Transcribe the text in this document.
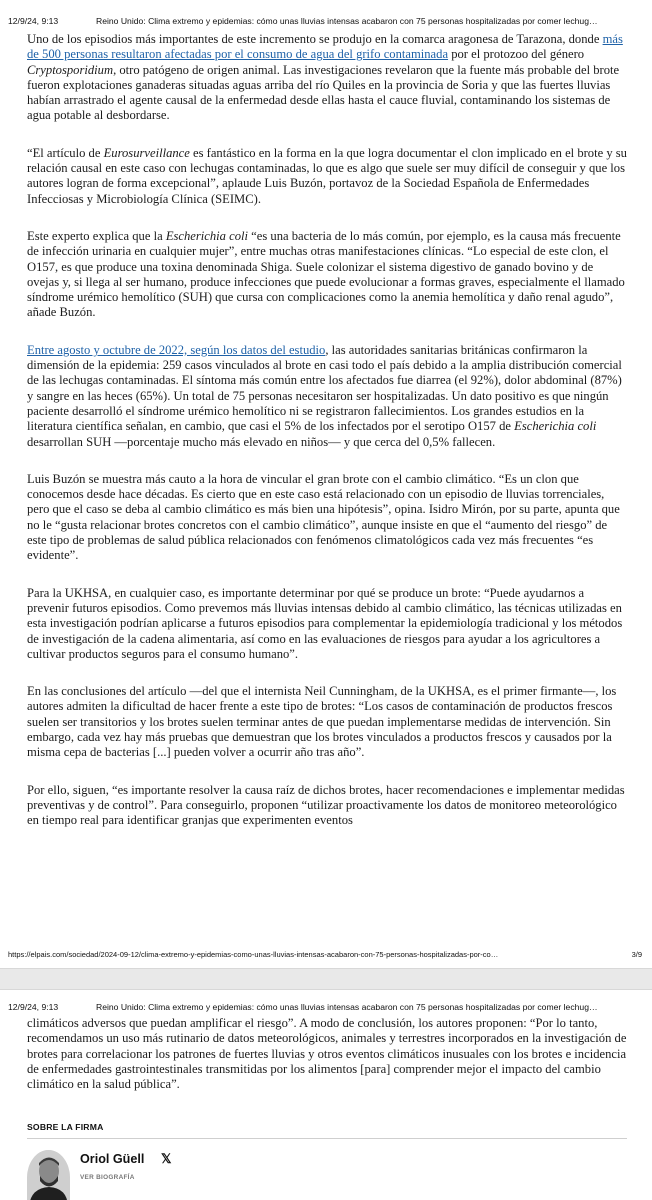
12/9/24, 9:13	Reino Unido: Clima extremo y epidemias: cómo unas lluvias intensas acabaron con 75 personas hospitalizadas por comer lechug…

Uno de los episodios más importantes de este incremento se produjo en la comarca aragonesa de Tarazona, donde más de 500 personas resultaron afectadas por el consumo de agua del grifo contaminada por el protozoo del género Cryptosporidium, otro patógeno de origen animal. Las investigaciones revelaron que la fuente más probable del brote fueron explotaciones ganaderas situadas aguas arriba del río Quiles en la provincia de Soria y que las fuertes lluvias habían arrastrado el agente causal de la enfermedad desde ellas hasta el cauce fluvial, contaminando los sistemas de agua potable al desbordarse.

“El artículo de Eurosurveillance es fantástico en la forma en la que logra documentar el clon implicado en el brote y su relación causal en este caso con lechugas contaminadas, lo que es algo que suele ser muy difícil de conseguir y que los autores logran de forma excepcional”, aplaude Luis Buzón, portavoz de la Sociedad Española de Enfermedades Infecciosas y Microbiología Clínica (SEIMC).

Este experto explica que la Escherichia coli “es una bacteria de lo más común, por ejemplo, es la causa más frecuente de infección urinaria en cualquier mujer”, entre muchas otras manifestaciones clínicas. “Lo especial de este clon, el O157, es que produce una toxina denominada Shiga. Suele colonizar el sistema digestivo de ganado bovino y de ovejas y, si llega al ser humano, produce infecciones que puede evolucionar a formas graves, especialmente el llamado síndrome urémico hemolítico (SUH) que cursa con complicaciones como la anemia hemolítica y daño renal agudo”, añade Buzón.

Entre agosto y octubre de 2022, según los datos del estudio, las autoridades sanitarias británicas confirmaron la dimensión de la epidemia: 259 casos vinculados al brote en casi todo el país debido a la amplia distribución comercial de las lechugas contaminadas. El síntoma más común entre los afectados fue diarrea (el 92%), dolor abdominal (87%) y sangre en las heces (65%). Un total de 75 personas necesitaron ser hospitalizadas. Un dato positivo es que ningún paciente desarrolló el síndrome urémico hemolítico ni se registraron fallecimientos. Los grandes estudios en la literatura científica señalan, en cambio, que casi el 5% de los infectados por el serotipo O157 de Escherichia coli desarrollan SUH —porcentaje mucho más elevado en niños— y que cerca del 0,5% fallecen.

Luis Buzón se muestra más cauto a la hora de vincular el gran brote con el cambio climático. “Es un clon que conocemos desde hace décadas. Es cierto que en este caso está relacionado con un episodio de lluvias torrenciales, pero que el caso se deba al cambio climático es más bien una hipótesis”, opina. Isidro Mirón, por su parte, apunta que no le “gusta relacionar brotes concretos con el cambio climático”, aunque insiste en que el “aumento del riesgo” de este tipo de problemas de salud pública relacionados con fenómenos climatológicos cada vez más frecuentes “es evidente”.

Para la UKHSA, en cualquier caso, es importante determinar por qué se produce un brote: “Puede ayudarnos a prevenir futuros episodios. Como prevemos más lluvias intensas debido al cambio climático, las técnicas utilizadas en esta investigación podrían aplicarse a futuros episodios para complementar la epidemiología tradicional y los métodos de investigación de la cadena alimentaria, así como en las evaluaciones de riesgos para ayudar a los agricultores a cultivar productos seguros para el consumo humano”.

En las conclusiones del artículo —del que el internista Neil Cunningham, de la UKHSA, es el primer firmante—, los autores admiten la dificultad de hacer frente a este tipo de brotes: “Los casos de contaminación de productos frescos suelen ser transitorios y los brotes suelen terminar antes de que puedan implementarse medidas de intervención. Sin embargo, cada vez hay más pruebas que demuestran que los brotes vinculados a productos frescos y causados por la misma cepa de bacterias [...] pueden volver a ocurrir año tras año”.

Por ello, siguen, “es importante resolver la causa raíz de dichos brotes, hacer recomendaciones e implementar medidas preventivas y de control”. Para conseguirlo, proponen “utilizar proactivamente los datos de monitoreo meteorológico en tiempo real para identificar granjas que experimenten eventos

https://elpais.com/sociedad/2024-09-12/clima-extremo-y-epidemias-como-unas-lluvias-intensas-acabaron-con-75-personas-hospitalizadas-por-co…	3/9
12/9/24, 9:13	Reino Unido: Clima extremo y epidemias: cómo unas lluvias intensas acabaron con 75 personas hospitalizadas por comer lechug…

climáticos adversos que puedan amplificar el riesgo”. A modo de conclusión, los autores proponen: “Por lo tanto, recomendamos un uso más rutinario de datos meteorológicos, animales y terrestres incorporados en la investigación de brotes para correlacionar los patrones de fuertes lluvias y otros eventos climáticos inusuales con los brotes e incidencia de enfermedades gastrointestinales transmitidas por los alimentos [para] comprender mejor el impacto del cambio climático en la salud pública”.

SOBRE LA FIRMA
Oriol Güell 𝕏
VER BIOGRAFÍA
